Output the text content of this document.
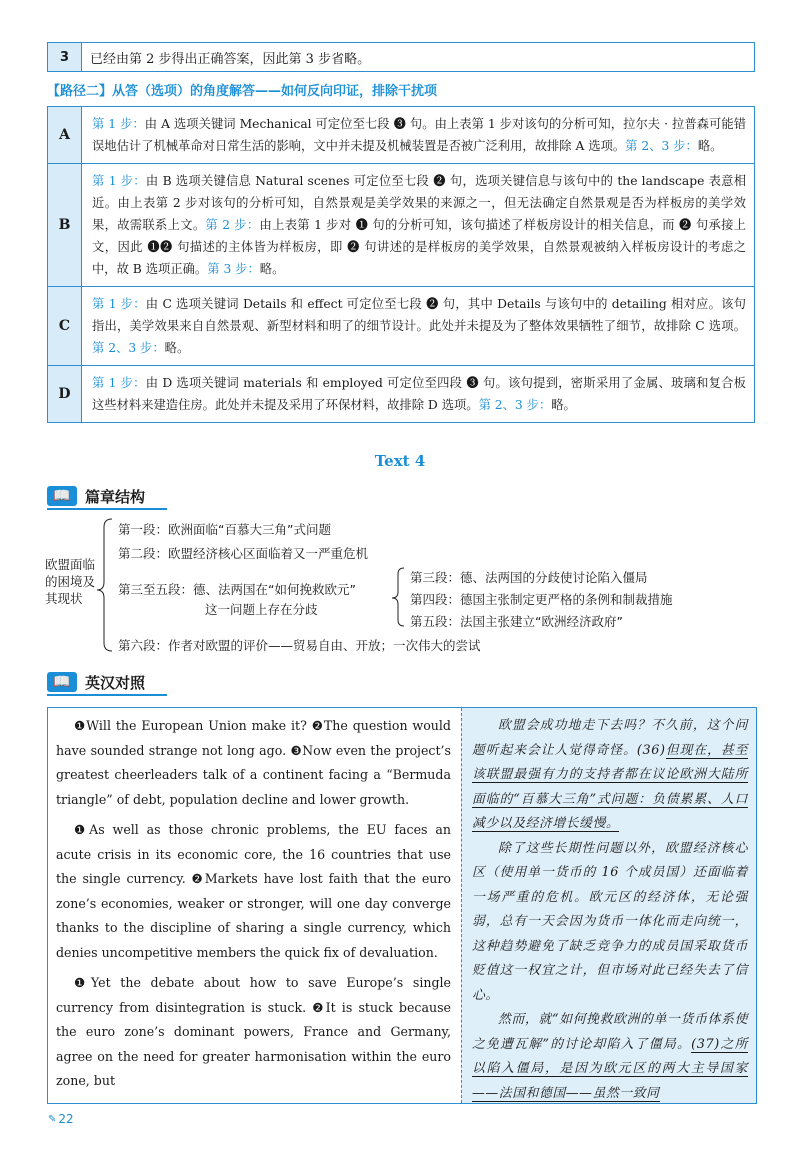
3	已经由第 2 步得出正确答案，因此第 3 步省略。
【路径二】从答（选项）的角度解答——如何反向印证，排除干扰项
A
第 1 步：由 A 选项关键词 Mechanical 可定位至七段 ❸ 句。由上表第 1 步对该句的分析可知，拉尔夫 · 拉普森可能错误地估计了机械革命对日常生活的影响，文中并未提及机械装置是否被广泛利用，故排除 A 选项。第 2、3 步：略。
B
第 1 步：由 B 选项关键信息 Natural scenes 可定位至七段 ❷ 句，选项关键信息与该句中的 the landscape 表意相近。由上表第 2 步对该句的分析可知，自然景观是美学效果的来源之一，但无法确定自然景观是否为样板房的美学效果，故需联系上文。第 2 步：由上表第 1 步对 ❶ 句的分析可知，该句描述了样板房设计的相关信息，而 ❷ 句承接上文，因此 ❶❷ 句描述的主体皆为样板房，即 ❷ 句讲述的是样板房的美学效果，自然景观被纳入样板房设计的考虑之中，故 B 选项正确。第 3 步：略。
C
第 1 步：由 C 选项关键词 Details 和 effect 可定位至七段 ❷ 句，其中 Details 与该句中的 detailing 相对应。该句指出，美学效果来自自然景观、新型材料和明了的细节设计。此处并未提及为了整体效果牺牲了细节，故排除 C 选项。第 2、3 步：略。
D
第 1 步：由 D 选项关键词 materials 和 employed 可定位至四段 ❸ 句。该句提到，密斯采用了金属、玻璃和复合板这些材料来建造住房。此处并未提及采用了环保材料，故排除 D 选项。第 2、3 步：略。
Text 4
📖 篇章结构
欧盟面临的困境及其现状
第一段：欧洲面临“百慕大三角”式问题
第二段：欧盟经济核心区面临着又一严重危机
第三至五段：德、法两国在“如何挽救欧元”
这一问题上存在分歧
第三段：德、法两国的分歧使讨论陷入僵局
第四段：德国主张制定更严格的条例和制裁措施
第五段：法国主张建立“欧洲经济政府”
第六段：作者对欧盟的评价——贸易自由、开放；一次伟大的尝试
📖 英汉对照

❶Will the European Union make it? ❷The question would have sounded strange not long ago. ❸Now even the project’s greatest cheerleaders talk of a continent facing a “Bermuda triangle” of debt, population decline and lower growth.

❶As well as those chronic problems, the EU faces an acute crisis in its economic core, the 16 countries that use the single currency. ❷Markets have lost faith that the euro zone’s economies, weaker or stronger, will one day converge thanks to the discipline of sharing a single currency, which denies uncompetitive members the quick fix of devaluation.

❶Yet the debate about how to save Europe’s single currency from disintegration is stuck. ❷It is stuck because the euro zone’s dominant powers, France and Germany, agree on the need for greater harmonisation within the euro zone, but

欧盟会成功地走下去吗？不久前，这个问题听起来会让人觉得奇怪。(36)但现在，甚至该联盟最强有力的支持者都在议论欧洲大陆所面临的“百慕大三角”式问题：负债累累、人口减少以及经济增长缓慢。

除了这些长期性问题以外，欧盟经济核心区（使用单一货币的 16 个成员国）还面临着一场严重的危机。欧元区的经济体，无论强弱，总有一天会因为货币一体化而走向统一，这种趋势避免了缺乏竞争力的成员国采取货币贬值这一权宜之计，但市场对此已经失去了信心。

然而，就“如何挽救欧洲的单一货币体系使之免遭瓦解”的讨论却陷入了僵局。(37)之所以陷入僵局，是因为欧元区的两大主导国家——法国和德国——虽然一致同

✎ 22
